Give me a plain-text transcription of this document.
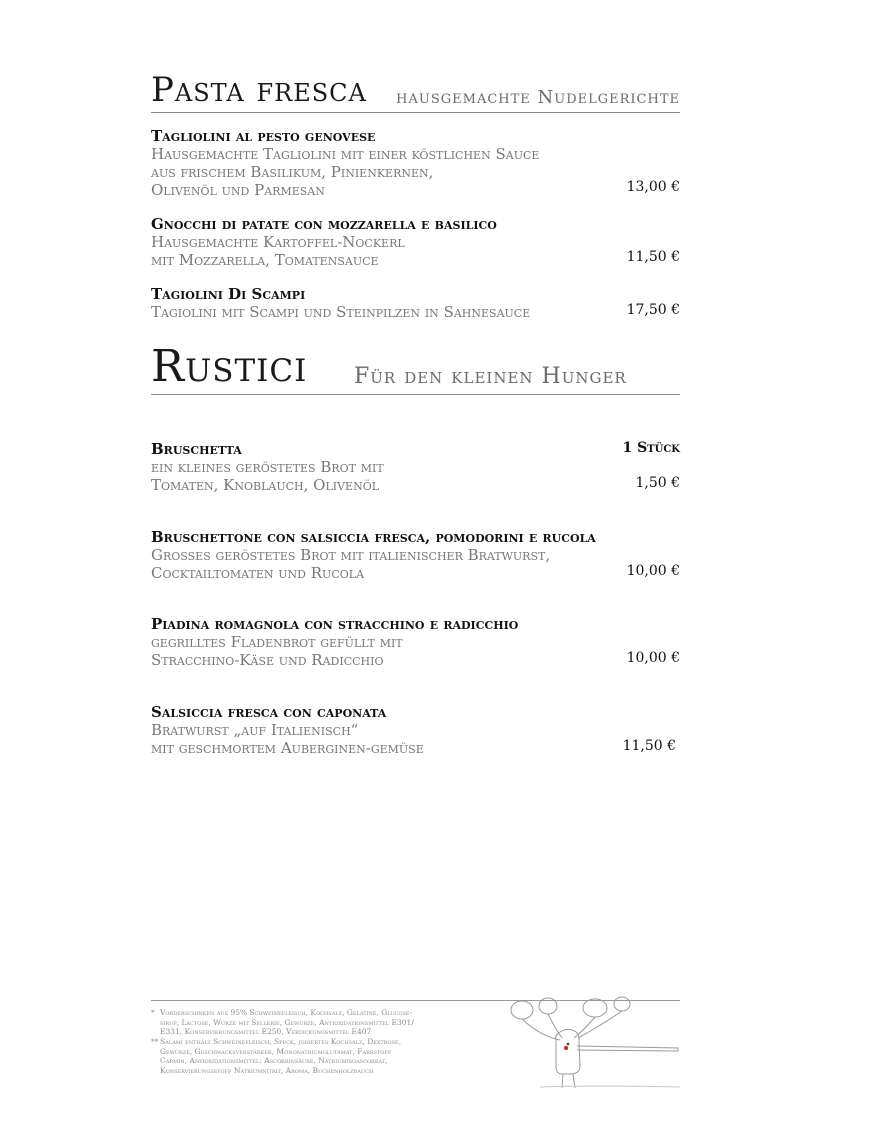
Pasta fresca hausgemachte Nudelgerichte
Tagliolini al pesto genovese
Hausgemachte Tagliolini mit einer köstlichen Sauce
aus frischem Basilikum, Pinienkernen,
Olivenöl und Parmesan	13,00 €
Gnocchi di patate con mozzarella e basilico
Hausgemachte Kartoffel-Nockerl
mit Mozzarella, Tomatensauce	11,50 €
Tagiolini Di Scampi
Tagiolini mit Scampi und Steinpilzen in Sahnesauce	17,50 €
Rustici Für den kleinen Hunger
Bruschetta	1 Stück
ein kleines geröstetes Brot mit
Tomaten, Knoblauch, Olivenöl	1,50 €
Bruschettone con salsiccia fresca, pomodorini e rucola
Grosses geröstetes Brot mit italienischer Bratwurst,
Cocktailtomaten und Rucola	10,00 €
Piadina romagnola con stracchino e radicchio
gegrilltes Fladenbrot gefüllt mit
Stracchino-Käse und Radicchio	10,00 €
Salsiccia fresca con caponata
Bratwurst „auf Italienisch“
mit geschmortem Auberginen-gemüse	11,50 €
* Vorderschinken aus 95% Schweinefleisch, Kochsalz, Gelatine, Glucose-
sirup, Lactose, Würze mit Sellerie, Gewürze, Antioxidationsmittel E301/
E331, Konservierungsmittel E250, Verdickungsmittel E407
** Salami enthält Schweinefleisch, Speck, jodiertes Kochsalz, Dextrose,
Gewürze, Geschmacksverstärker, Mononatriumglutamat, Farbstoff
Carmin, Antioxidationsmittel: Ascorbinsäure, Natriumisoascorbat,
Konservierungsstoff Natriumnitrit, Aroma, Buchenholzrauch
